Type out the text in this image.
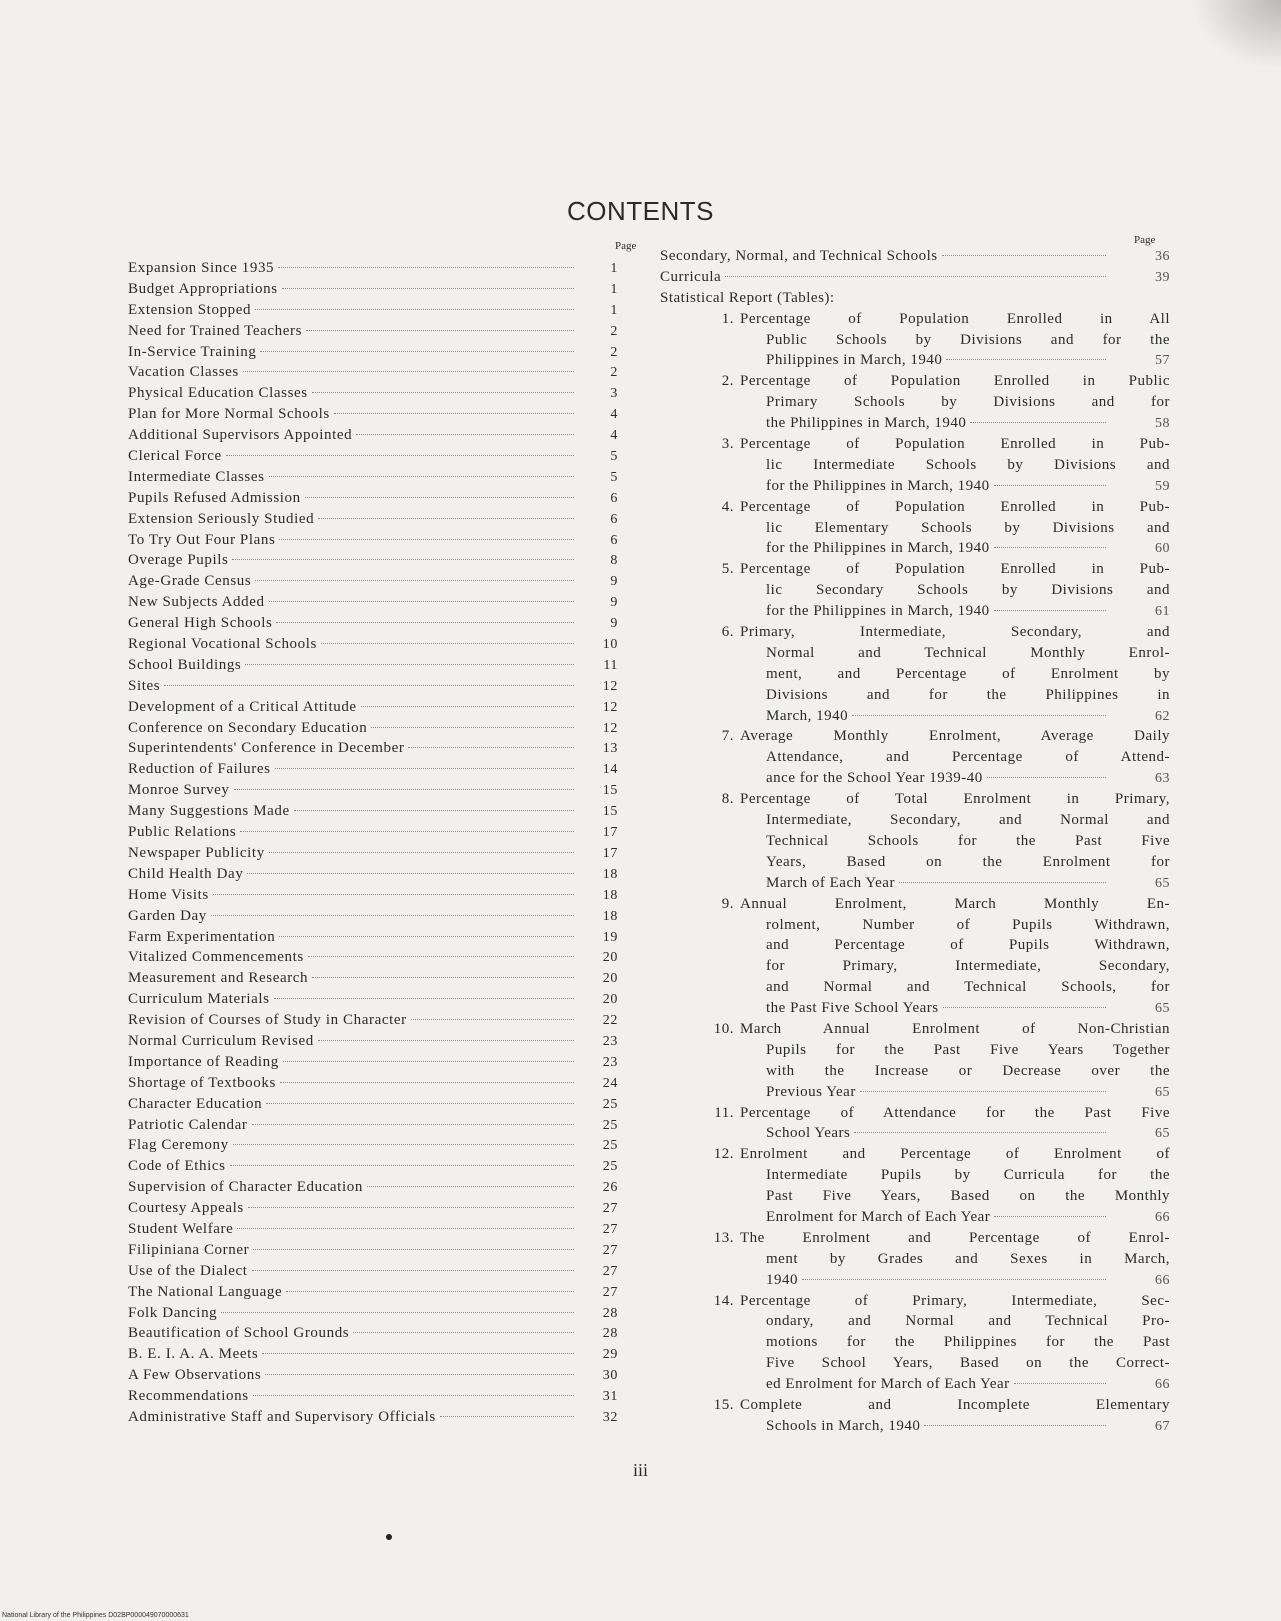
CONTENTS
Page	Page
Expansion Since 1935	1
Budget Appropriations	1
Extension Stopped	1
Need for Trained Teachers	2
In-Service Training	2
Vacation Classes	2
Physical Education Classes	3
Plan for More Normal Schools	4
Additional Supervisors Appointed	4
Clerical Force	5
Intermediate Classes	5
Pupils Refused Admission	6
Extension Seriously Studied	6
To Try Out Four Plans	6
Overage Pupils	8
Age-Grade Census	9
New Subjects Added	9
General High Schools	9
Regional Vocational Schools	10
School Buildings	11
Sites	12
Development of a Critical Attitude	12
Conference on Secondary Education	12
Superintendents' Conference in December	13
Reduction of Failures	14
Monroe Survey	15
Many Suggestions Made	15
Public Relations	17
Newspaper Publicity	17
Child Health Day	18
Home Visits	18
Garden Day	18
Farm Experimentation	19
Vitalized Commencements	20
Measurement and Research	20
Curriculum Materials	20
Revision of Courses of Study in Character	22
Normal Curriculum Revised	23
Importance of Reading	23
Shortage of Textbooks	24
Character Education	25
Patriotic Calendar	25
Flag Ceremony	25
Code of Ethics	25
Supervision of Character Education	26
Courtesy Appeals	27
Student Welfare	27
Filipiniana Corner	27
Use of the Dialect	27
The National Language	27
Folk Dancing	28
Beautification of School Grounds	28
B. E. I. A. A. Meets	29
A Few Observations	30
Recommendations	31
Administrative Staff and Supervisory Officials	32
Secondary, Normal, and Technical Schools	36
Curricula	39
Statistical Report (Tables):
1. Percentage of Population Enrolled in All
Public Schools by Divisions and for the
Philippines in March, 1940	57
2. Percentage of Population Enrolled in Public
Primary Schools by Divisions and for
the Philippines in March, 1940	58
3. Percentage of Population Enrolled in Pub-
lic Intermediate Schools by Divisions and
for the Philippines in March, 1940	59
4. Percentage of Population Enrolled in Pub-
lic Elementary Schools by Divisions and
for the Philippines in March, 1940	60
5. Percentage of Population Enrolled in Pub-
lic Secondary Schools by Divisions and
for the Philippines in March, 1940	61
6. Primary, Intermediate, Secondary, and
Normal and Technical Monthly Enrol-
ment, and Percentage of Enrolment by
Divisions and for the Philippines in
March, 1940	62
7. Average Monthly Enrolment, Average Daily
Attendance, and Percentage of Attend-
ance for the School Year 1939-40	63
8. Percentage of Total Enrolment in Primary,
Intermediate, Secondary, and Normal and
Technical Schools for the Past Five
Years, Based on the Enrolment for
March of Each Year	65
9. Annual Enrolment, March Monthly En-
rolment, Number of Pupils Withdrawn,
and Percentage of Pupils Withdrawn,
for Primary, Intermediate, Secondary,
and Normal and Technical Schools, for
the Past Five School Years	65
10. March Annual Enrolment of Non-Christian
Pupils for the Past Five Years Together
with the Increase or Decrease over the
Previous Year	65
11. Percentage of Attendance for the Past Five
School Years	65
12. Enrolment and Percentage of Enrolment of
Intermediate Pupils by Curricula for the
Past Five Years, Based on the Monthly
Enrolment for March of Each Year	66
13. The Enrolment and Percentage of Enrol-
ment by Grades and Sexes in March,
1940	66
14. Percentage of Primary, Intermediate, Sec-
ondary, and Normal and Technical Pro-
motions for the Philippines for the Past
Five School Years, Based on the Correct-
ed Enrolment for March of Each Year	66
15. Complete and Incomplete Elementary
Schools in March, 1940	67
iii
National Library of the Philippines D02BP000049070000631
